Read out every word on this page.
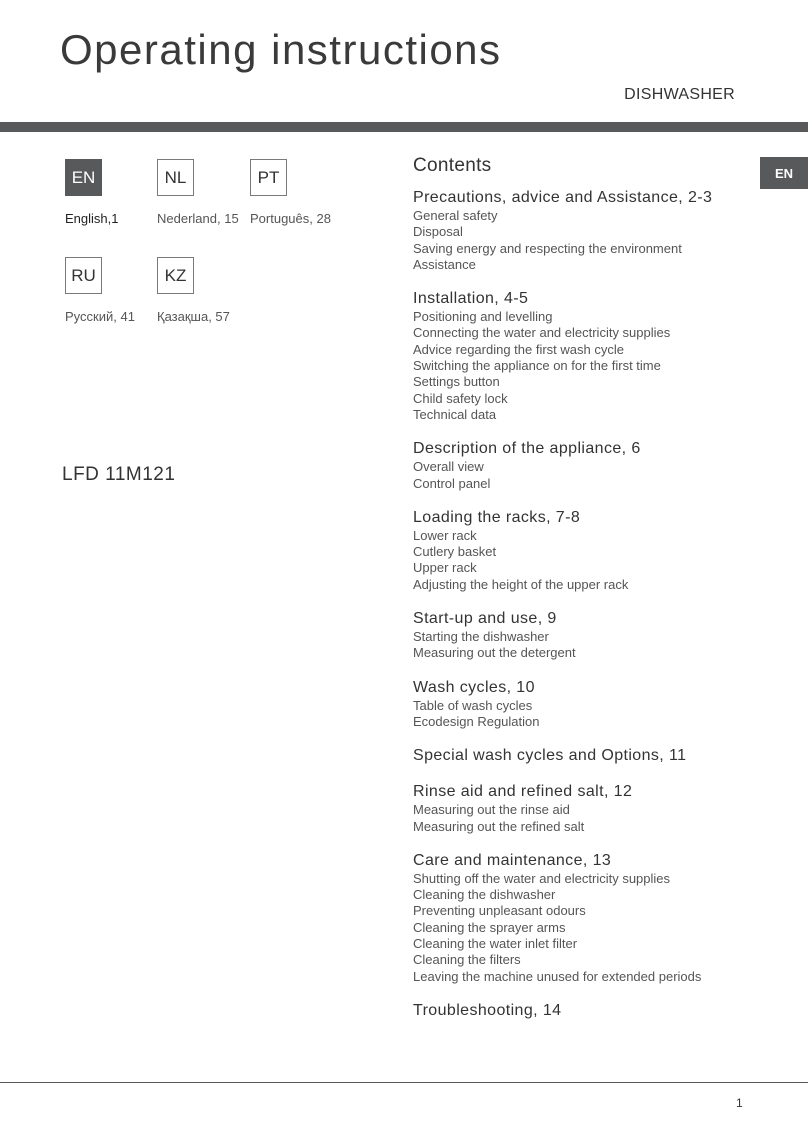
Operating instructions
DISHWASHER
EN
English,1
NL
Nederland, 15
PT
Português, 28
RU
Русский, 41
KZ
Қазақша, 57
LFD 11M121
EN
Contents
Precautions, advice and Assistance, 2-3
General safety
Disposal
Saving energy and respecting the environment
Assistance
Installation, 4-5
Positioning and levelling
Connecting the water and electricity supplies
Advice regarding the first wash cycle
Switching the appliance on for the first time
Settings button
Child safety lock
Technical data
Description of the appliance, 6
Overall view
Control panel
Loading the racks, 7-8
Lower rack
Cutlery basket
Upper rack
Adjusting the height of the upper rack
Start-up and use, 9
Starting the dishwasher
Measuring out the detergent
Wash cycles, 10
Table of wash cycles
Ecodesign Regulation
Special wash cycles and Options, 11
Rinse aid and refined salt, 12
Measuring out the rinse aid
Measuring out the refined salt
Care and maintenance, 13
Shutting off the water and electricity supplies
Cleaning the dishwasher
Preventing unpleasant odours
Cleaning the sprayer arms
Cleaning the water inlet filter
Cleaning the filters
Leaving the machine unused for extended periods
Troubleshooting, 14
1
